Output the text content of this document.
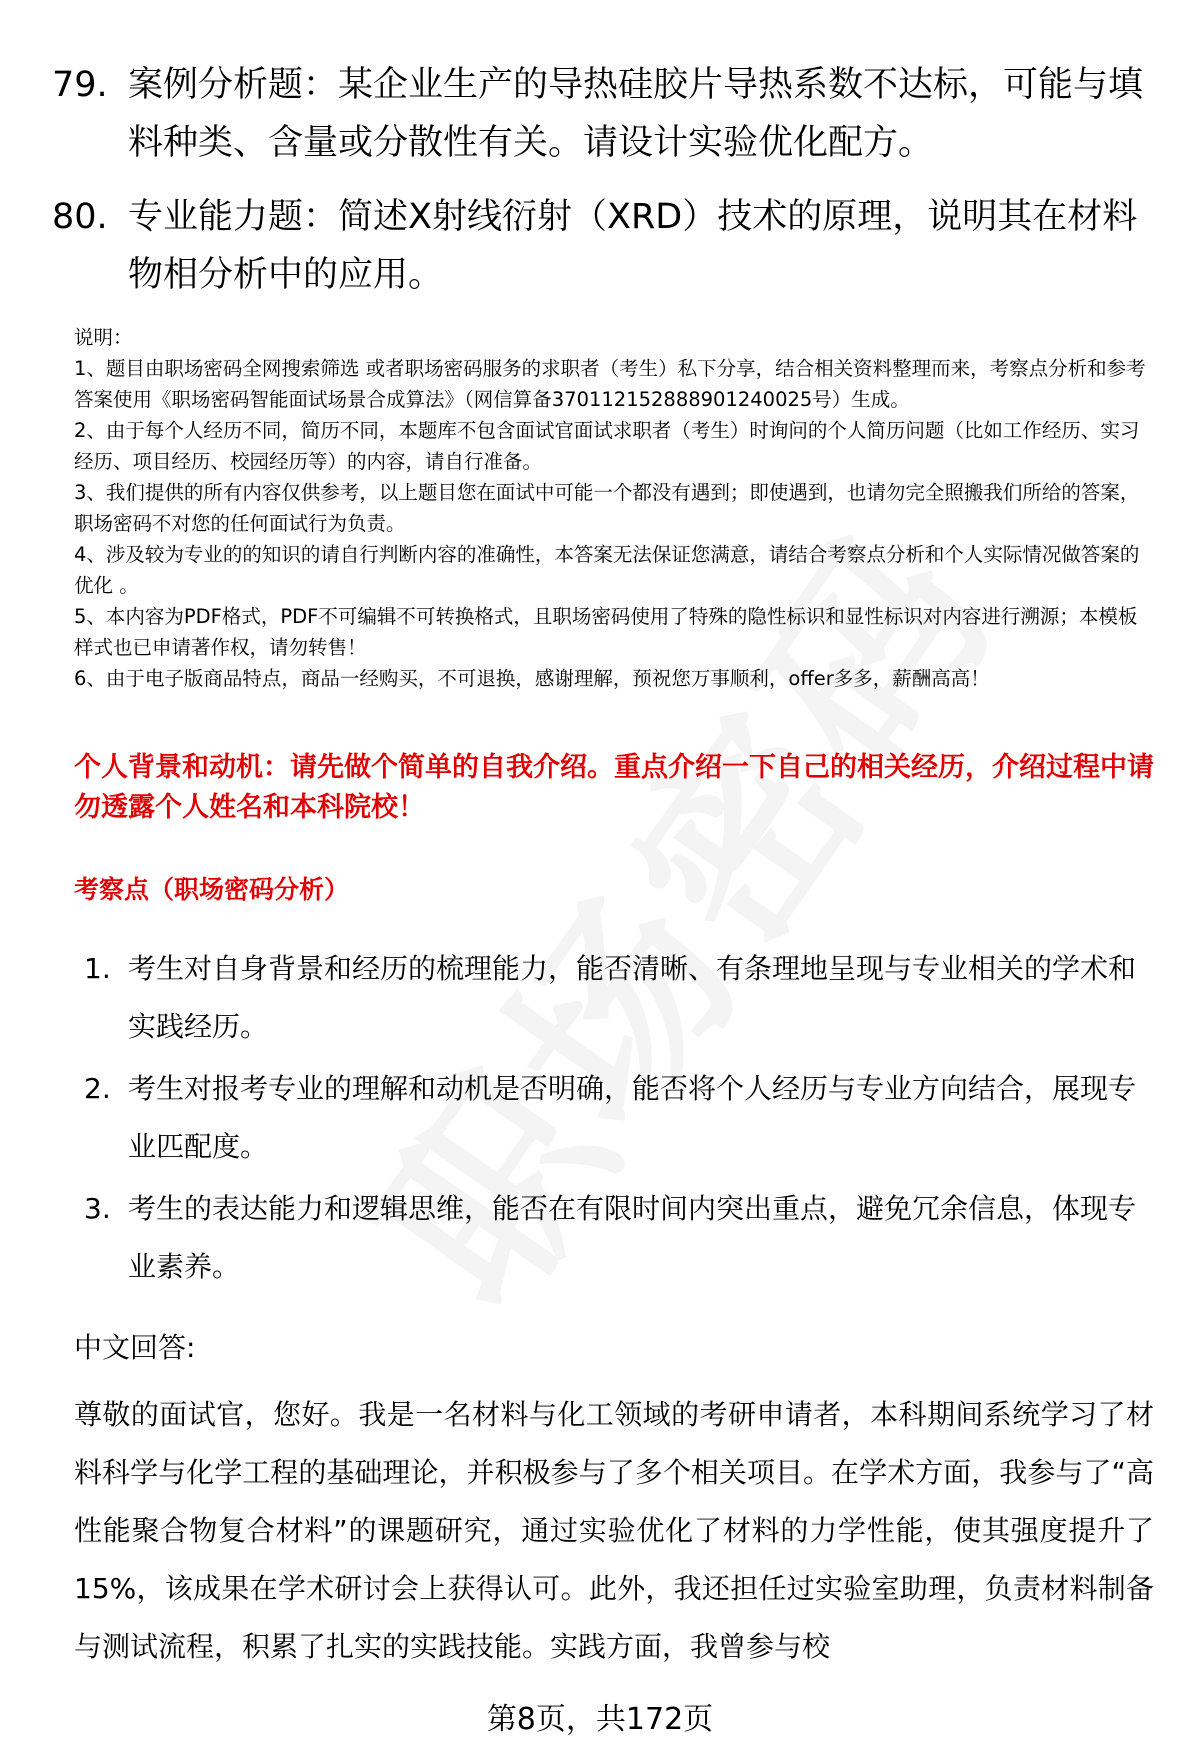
79. 案例分析题：某企业生产的导热硅胶片导热系数不达标，可能与填料种类、含量或分散性有关。请设计实验优化配方。
80. 专业能力题：简述X射线衍射（XRD）技术的原理，说明其在材料物相分析中的应用。

说明：

1、题目由职场密码全网搜索筛选 或者职场密码服务的求职者（考生）私下分享，结合相关资料整理而来，考察点分析和参考答案使用《职场密码智能面试场景合成算法》（网信算备370112152888901240025号）生成。

2、由于每个人经历不同，简历不同，本题库不包含面试官面试求职者（考生）时询问的个人简历问题（比如工作经历、实习经历、项目经历、校园经历等）的内容，请自行准备。

3、我们提供的所有内容仅供参考，以上题目您在面试中可能一个都没有遇到；即使遇到，也请勿完全照搬我们所给的答案，职场密码不对您的任何面试行为负责。

4、涉及较为专业的的知识的请自行判断内容的准确性，本答案无法保证您满意，请结合考察点分析和个人实际情况做答案的优化 。

5、本内容为PDF格式，PDF不可编辑不可转换格式，且职场密码使用了特殊的隐性标识和显性标识对内容进行溯源；本模板样式也已申请著作权，请勿转售！

6、由于电子版商品特点，商品一经购买，不可退换，感谢理解，预祝您万事顺利，offer多多，薪酬高高！

个人背景和动机：请先做个简单的自我介绍。重点介绍一下自己的相关经历，介绍过程中请勿透露个人姓名和本科院校！
考察点（职场密码分析）
1. 考生对自身背景和经历的梳理能力，能否清晰、有条理地呈现与专业相关的学术和实践经历。
2. 考生对报考专业的理解和动机是否明确，能否将个人经历与专业方向结合，展现专业匹配度。
3. 考生的表达能力和逻辑思维，能否在有限时间内突出重点，避免冗余信息，体现专业素养。
中文回答:
尊敬的面试官，您好。我是一名材料与化工领域的考研申请者，本科期间系统学习了材料科学与化学工程的基础理论，并积极参与了多个相关项目。在学术方面，我参与了“高性能聚合物复合材料”的课题研究，通过实验优化了材料的力学性能，使其强度提升了15%，该成果在学术研讨会上获得认可。此外，我还担任过实验室助理，负责材料制备与测试流程，积累了扎实的实践技能。实践方面，我曾参与校
第8页，共172页
